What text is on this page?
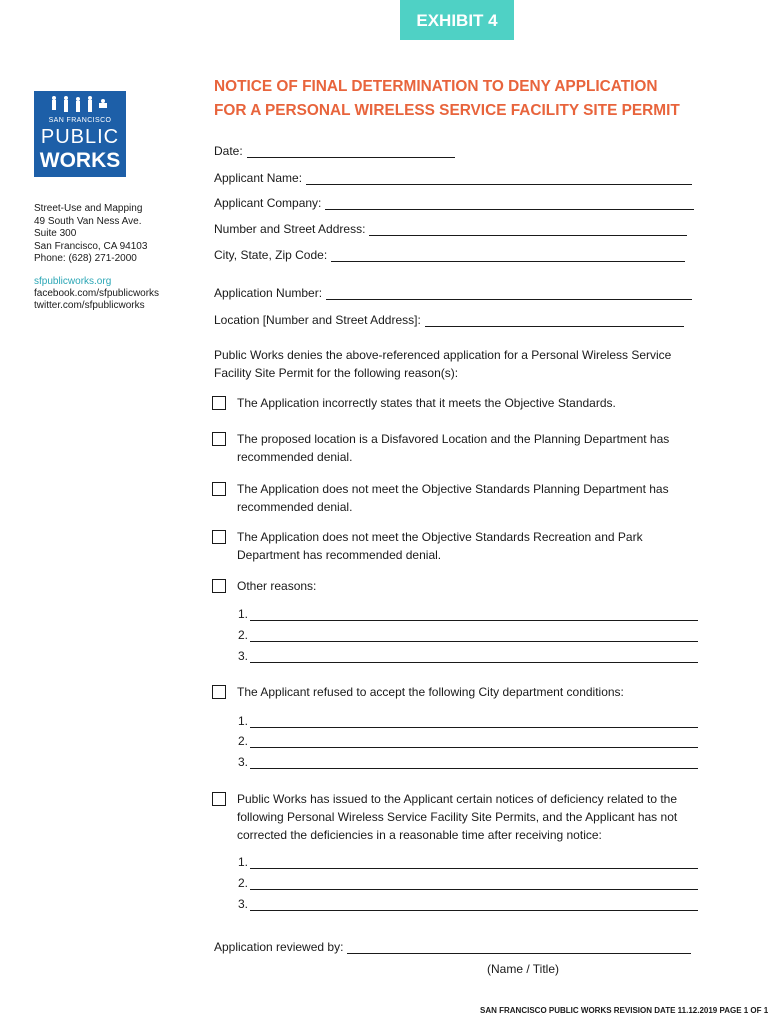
EXHIBIT 4
SAN FRANCISCO
PUBLIC
WORKS
Street-Use and Mapping
49 South Van Ness Ave.
Suite 300
San Francisco, CA 94103
Phone: (628) 271-2000
sfpublicworks.org
facebook.com/sfpublicworks
twitter.com/sfpublicworks
NOTICE OF FINAL DETERMINATION TO DENY APPLICATION
FOR A PERSONAL WIRELESS SERVICE FACILITY SITE PERMIT
Date:
Applicant Name:
Applicant Company:
Number and Street Address:
City, State, Zip Code:
Application Number:
Location [Number and Street Address]:
Public Works denies the above-referenced application for a Personal Wireless Service Facility Site Permit for the following reason(s):
The Application incorrectly states that it meets the Objective Standards.
The proposed location is a Disfavored Location and the Planning Department has recommended denial.
The Application does not meet the Objective Standards Planning Department has recommended denial.
The Application does not meet the Objective Standards Recreation and Park Department has recommended denial.
Other reasons:
1.
2.
3.
The Applicant refused to accept the following City department conditions:
1.
2.
3.
Public Works has issued to the Applicant certain notices of deficiency related to the following Personal Wireless Service Facility Site Permits, and the Applicant has not corrected the deficiencies in a reasonable time after receiving notice:
1.
2.
3.
Application reviewed by:
(Name / Title)
SAN FRANCISCO PUBLIC WORKS REVISION DATE 11.12.2019 PAGE 1 OF 1
